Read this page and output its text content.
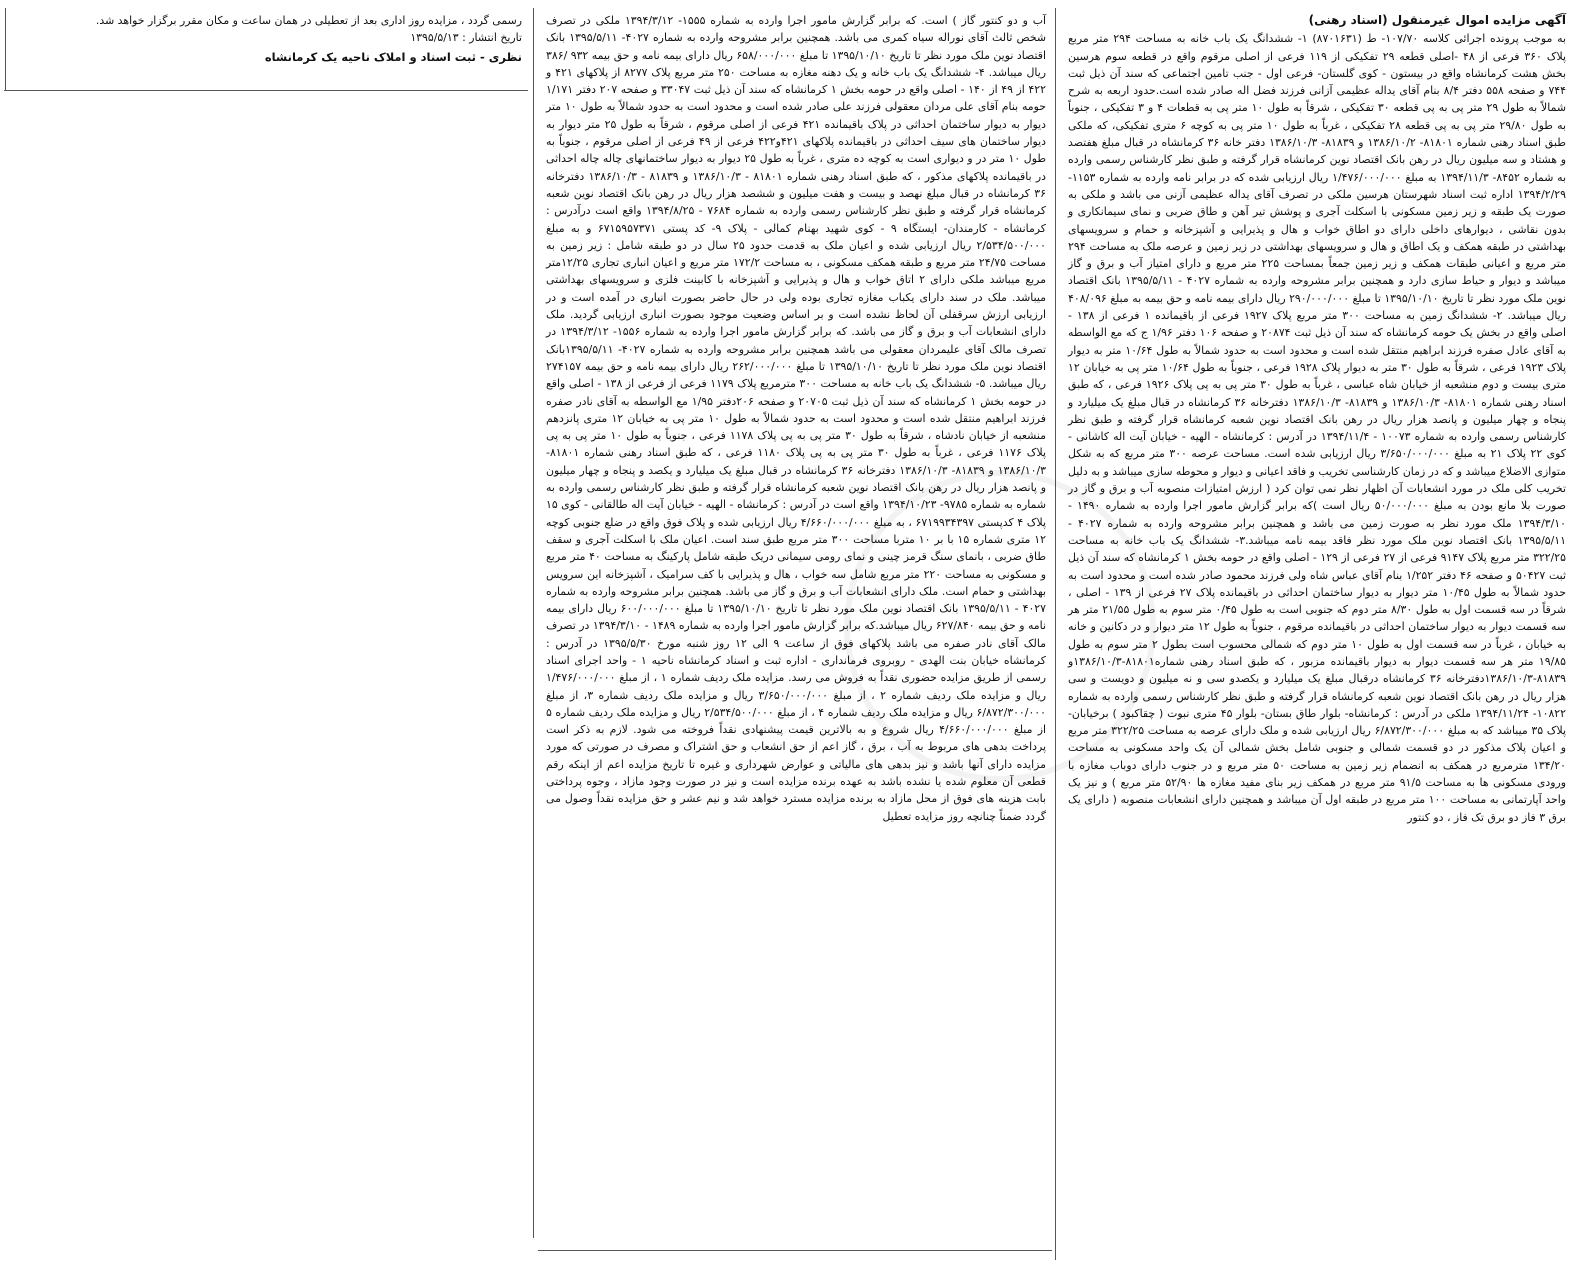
آگهی مزایده اموال غیرمنقول (اسناد رهنی)

به موجب پرونده اجرائی کلاسه ۱۰۷/۷۰- ط (۸۷۰۱۶۳۱) ۱- ششدانگ یک باب خانه به مساحت ۲۹۴ متر مربع پلاک ۳۶۰ فرعی از ۴۸ -اصلی قطعه ۲۹ تفکیکی از ۱۱۹ فرعی از اصلی مرقوم واقع در قطعه سوم هرسین بخش هشت کرمانشاه واقع در بیستون - کوی گلستان- فرعی اول - جنب تامین اجتماعی که سند آن ذیل ثبت ۷۴۴ و صفحه ۵۵۸ دفتر ۸/۴ بنام آقای یداله عظیمی آزانی فرزند فضل اله صادر شده است.حدود اربعه به شرح شمالاً به طول ۲۹ متر پی به پی قطعه ۳۰ تفکیکی ، شرقاً به طول ۱۰ متر پی به قطعات ۴ و ۳ تفکیکی ، جنوباً به طول ۲۹/۸۰ متر پی به پی قطعه ۲۸ تفکیکی ، غرباً به طول ۱۰ متر پی به کوچه ۶ متری تفکیکی، که ملکی طبق اسناد رهنی شماره ۸۱۸۰۱- ۱۳۸۶/۱۰/۲ و ۸۱۸۳۹- ۱۳۸۶/۱۰/۳ دفتر خانه ۳۶ کرمانشاه در قبال مبلغ هفتصد و هشتاد و سه میلیون ریال در رهن بانک اقتصاد نوین کرمانشاه قرار گرفته و طبق نظر کارشناس رسمی وارده به شماره ۸۴۵۲- ۱۳۹۴/۱۱/۳ به مبلغ ۱/۴۷۶/۰۰۰/۰۰۰ ریال ارزیابی شده که در برابر نامه وارده به شماره ۱۱۵۳- ۱۳۹۴/۲/۲۹ اداره ثبت اسناد شهرستان هرسین ملکی در تصرف آقای یداله عظیمی آزنی می باشد و ملکی به صورت یک طبقه و زیر زمین مسکونی با اسکلت آجری و پوشش تیر آهن و طاق ضربی و نمای سیمانکاری و بدون نقاشی ، دیوارهای داخلی دارای دو اطاق خواب و هال و پذیرایی و آشپزخانه و حمام و سرویسهای بهداشتی در طبقه همکف و یک اطاق و هال و سرویسهای بهداشتی در زیر زمین و عرصه ملک به مساحت ۲۹۴ متر مربع و اعیانی طبقات همکف و زیر زمین جمعاً بمساحت ۲۲۵ متر مربع و دارای امتیاز آب و برق و گاز میباشد و دیوار و حیاط سازی دارد و همچنین برابر مشروحه وارده به شماره ۴۰۲۷ - ۱۳۹۵/۵/۱۱ بانک اقتصاد نوین ملک مورد نظر تا تاریخ ۱۳۹۵/۱۰/۱۰ تا مبلغ ۲۹۰/۰۰۰/۰۰۰ ریال دارای بیمه نامه و حق بیمه به مبلغ ۴۰۸/۰۹۶ ریال میباشد. ۲- ششدانگ زمین به مساحت ۳۰۰ متر مربع پلاک ۱۹۲۷ فرعی از باقیمانده ۱ فرعی از ۱۳۸ - اصلی واقع در بخش یک حومه کرمانشاه که سند آن ذیل ثبت ۲۰۸۷۴ و صفحه ۱۰۶ دفتر ۱/۹۶ ج که مع الواسطه به آقای عادل صفره فرزند ابراهیم منتقل شده است و محدود است به حدود شمالاً به طول ۱۰/۶۴ متر به دیوار پلاک ۱۹۲۳ فرعی ، شرقاً به طول ۳۰ متر به دیوار پلاک ۱۹۲۸ فرعی ، جنوباً به طول ۱۰/۶۴ متر پی به خیابان ۱۲ متری بیست و دوم منشعبه از خیابان شاه عباسی ، غرباً به طول ۳۰ متر پی به پی پلاک ۱۹۲۶ فرعی ، که طبق اسناد رهنی شماره ۸۱۸۰۱- ۱۳۸۶/۱۰/۳ و ۸۱۸۳۹- ۱۳۸۶/۱۰/۳ دفترخانه ۳۶ کرمانشاه در قبال مبلغ یک میلیارد و پنجاه و چهار میلیون و پانصد هزار ریال در رهن بانک اقتصاد نوین شعبه کرمانشاه قرار گرفته و طبق نظر کارشناس رسمی وارده به شماره ۱۰۰۷۳ - ۱۳۹۴/۱۱/۴ در آدرس : کرمانشاه - الهیه - خیابان آیت اله کاشانی - کوی ۲۲ پلاک ۲۱ به مبلغ ۳/۶۵۰/۰۰۰/۰۰۰ ریال ارزیابی شده است. مساحت عرصه ۳۰۰ متر مربع که به شکل متوازی الاضلاع میباشد و که در زمان کارشناسی تخریب و فاقد اعیانی و دیوار و محوطه سازی میباشد و به دلیل تخریب کلی ملک در مورد انشعابات آن اظهار نظر نمی توان کرد ( ارزش امتیازات منصوبه آب و برق و گاز در صورت بلا مانع بودن به مبلغ ۵۰/۰۰۰/۰۰۰ ریال است )که برابر گزارش مامور اجرا وارده به شماره ۱۴۹۰ - ۱۳۹۴/۳/۱۰ ملک مورد نظر به صورت زمین می باشد و همچنین برابر مشروحه وارده به شماره ۴۰۲۷ - ۱۳۹۵/۵/۱۱ بانک اقتصاد نوین ملک مورد نظر فاقد بیمه نامه میباشد.۳- ششدانگ یک باب خانه به مساحت ۳۲۲/۲۵ متر مربع پلاک ۹۱۴۷ فرعی از ۲۷ فرعی از ۱۲۹ - اصلی واقع در حومه بخش ۱ کرمانشاه که سند آن ذیل ثبت ۵۰۴۲۷ و صفحه ۴۶ دفتر ۱/۲۵۲ بنام آقای عباس شاه ولی فرزند محمود صادر شده است و محدود است به حدود شمالاً به طول ۱۰/۴۵ متر دیوار به دیوار ساختمان احداثی در باقیمانده پلاک ۲۷ فرعی از ۱۳۹ - اصلی ، شرقاً در سه قسمت اول به طول ۸/۳۰ متر دوم که جنوبی است به طول ۰/۴۵ متر سوم به طول ۲۱/۵۵ متر هر سه قسمت دیوار به دیوار ساختمان احداثی در باقیمانده مرقوم ، جنوباً به طول ۱۲ متر دیوار و در دکانین و خانه به خیابان ، غرباً در سه قسمت اول به طول ۱۰ متر دوم که شمالی محسوب است بطول ۲ متر سوم به طول ۱۹/۸۵ متر هر سه قسمت دیوار به دیوار باقیمانده مزبور ، که طبق اسناد رهنی شماره۸۱۸۰۱-۱۳۸۶/۱۰/۳و ۸۱۸۳۹-۱۳۸۶/۱۰/۳دفترخانه ۳۶ کرمانشاه درقبال مبلغ یک میلیارد و یکصدو سی و نه میلیون و دویست و سی هزار ریال در رهن بانک اقتصاد نوین شعبه کرمانشاه قرار گرفته و طبق نظر کارشناس رسمی وارده به شماره ۱۰۸۲۲- ۱۳۹۴/۱۱/۲۴ ملکی در آدرس : کرمانشاه- بلوار طاق بستان- بلوار ۴۵ متری نبوت ( چقاکبود ) برخیابان-پلاک ۳۵ میباشد که به مبلغ ۶/۸۷۲/۳۰۰/۰۰۰ ریال ارزیابی شده و ملک دارای عرصه به مساحت ۳۲۲/۲۵ متر مربع و اعیان پلاک مذکور در دو قسمت شمالی و جنوبی شامل بخش شمالی آن یک واحد مسکونی به مساحت ۱۳۴/۲۰ مترمربع در همکف به انضمام زیر زمین به مساحت ۵۰ متر مربع و در جنوب دارای دوباب مغازه با ورودی مسکونی ها به مساحت ۹۱/۵ متر مربع در همکف زیر بنای مفید مغازه ها ۵۲/۹۰ متر مربع ) و نیز یک واحد آپارتمانی به مساحت ۱۰۰ متر مربع در طبقه اول آن میباشد و همچنین دارای انشعابات منصوبه ( دارای یک برق ۳ فاز دو برق تک فاز ، دو کنتور

آب و دو کنتور گاز ) است. که برابر گزارش مامور اجرا وارده به شماره ۱۵۵۵- ۱۳۹۴/۳/۱۲ ملکی در تصرف شخص ثالث آقای نوراله سیاه کمری می باشد. همچنین برابر مشروحه وارده به شماره ۴۰۲۷- ۱۳۹۵/۵/۱۱ بانک اقتصاد نوین ملک مورد نظر تا تاریخ ۱۳۹۵/۱۰/۱۰ تا مبلغ ۶۵۸/۰۰۰/۰۰۰ ریال دارای بیمه نامه و حق بیمه ۹۳۲ /۳۸۶ ریال میباشد. ۴- ششدانگ یک باب خانه و یک دهنه مغازه به مساحت ۲۵۰ متر مربع پلاک ۸۲۷۷ از پلاکهای ۴۲۱ و ۴۲۲ از ۴۹ از ۱۴۰ - اصلی واقع در حومه بخش ۱ کرمانشاه که سند آن ذیل ثبت ۳۳۰۴۷ و صفحه ۲۰۷ دفتر ۱/۱۷۱ حومه بنام آقای علی مردان معقولی فرزند علی صادر شده است و محدود است به حدود شمالاً به طول ۱۰ متر دیوار به دیوار ساختمان احداثی در پلاک باقیمانده ۴۲۱ فرعی از اصلی مرقوم ، شرقاً به طول ۲۵ متر دیوار به دیوار ساختمان های سیف احداثی در باقیمانده پلاکهای ۴۲۱و۴۲۲ فرعی از ۴۹ فرعی از اصلی مرقوم ، جنوباً به طول ۱۰ متر در و دیواری است به کوچه ده متری ، غرباً به طول ۲۵ دیوار به دیوار ساختمانهای چاله چاله احداثی در باقیمانده پلاکهای مذکور ، که طبق اسناد رهنی شماره ۸۱۸۰۱ - ۱۳۸۶/۱۰/۳ و ۸۱۸۳۹ - ۱۳۸۶/۱۰/۳ دفترخانه ۳۶ کرمانشاه در قبال مبلغ نهصد و بیست و هفت میلیون و ششصد هزار ریال در رهن بانک اقتصاد نوین شعبه کرمانشاه قرار گرفته و طبق نظر کارشناس رسمی وارده به شماره ۷۶۸۴ - ۱۳۹۴/۸/۲۵ واقع است درآدرس : کرمانشاه - کارمندان- ایستگاه ۹ - کوی شهید بهنام کمالی - پلاک ۹- کد پستی ۶۷۱۵۹۵۷۳۷۱ و به مبلغ ۲/۵۳۴/۵۰۰/۰۰۰ ریال ارزیابی شده و اعیان ملک به قدمت حدود ۲۵ سال در دو طبقه شامل : زیر زمین به مساحت ۲۴/۷۵ متر مربع و طبقه همکف مسکونی ، به مساحت ۱۷۲/۲ متر مربع و اعیان انباری تجاری ۱۲/۲۵متر مربع میباشد ملکی دارای ۲ اتاق خواب و هال و پذیرایی و آشپزخانه با کابینت فلزی و سرویسهای بهداشتی میباشد. ملک در سند دارای یکباب مغازه تجاری بوده ولی در حال حاضر بصورت انباری در آمده است و در ارزیابی ارزش سرقفلی آن لحاظ نشده است و بر اساس وضعیت موجود بصورت انباری ارزیابی گردید. ملک دارای انشعابات آب و برق و گاز می باشد. که برابر گزارش مامور اجرا وارده به شماره ۱۵۵۶- ۱۳۹۴/۳/۱۲ در تصرف مالک آقای علیمردان معقولی می باشد همچنین برابر مشروحه وارده به شماره ۴۰۲۷- ۱۳۹۵/۵/۱۱بانک اقتصاد نوین ملک مورد نظر تا تاریخ ۱۳۹۵/۱۰/۱۰ تا مبلغ ۲۶۲/۰۰۰/۰۰۰ ریال دارای بیمه نامه و حق بیمه ۲۷۴۱۵۷ ریال میباشد. ۵- ششدانگ یک باب خانه به مساحت ۳۰۰ مترمربع پلاک ۱۱۷۹ فرعی از فرعی از ۱۳۸ - اصلی واقع در حومه بخش ۱ کرمانشاه که سند آن ذیل ثبت ۲۰۷۰۵ و صفحه ۲۰۶دفتر ۱/۹۵ مع الواسطه به آقای نادر صفره فرزند ابراهیم منتقل شده است و محدود است به حدود شمالاً به طول ۱۰ متر پی به خیابان ۱۲ متری پانزدهم منشعبه از خیابان نادشاه ، شرقاً به طول ۳۰ متر پی به پی پلاک ۱۱۷۸ فرعی ، جنوباً به طول ۱۰ متر پی به پی پلاک ۱۱۷۶ فرعی ، غرباً به طول ۳۰ متر پی به پی پلاک ۱۱۸۰ فرعی ، که طبق اسناد رهنی شماره ۸۱۸۰۱- ۱۳۸۶/۱۰/۳ و ۸۱۸۳۹- ۱۳۸۶/۱۰/۳ دفترخانه ۳۶ کرمانشاه در قبال مبلغ یک میلیارد و یکصد و پنجاه و چهار میلیون و پانصد هزار ریال در رهن بانک اقتصاد نوین شعبه کرمانشاه قرار گرفته و طبق نظر کارشناس رسمی وارده به شماره به شماره ۹۷۸۵- ۱۳۹۴/۱۰/۲۳ واقع است در آدرس : کرمانشاه - الهیه - خیابان آیت اله طالقانی - کوی ۱۵ پلاک ۴ کدپستی ۶۷۱۹۹۳۴۳۹۷ ، به مبلغ ۴/۶۶۰/۰۰۰/۰۰۰ ریال ارزیابی شده و پلاک فوق واقع در ضلع جنوبی کوچه ۱۲ متری شماره ۱۵ با بر ۱۰ متربا مساحت ۳۰۰ متر مربع طبق سند است. اعیان ملک با اسکلت آجری و سقف طاق ضربی ، بانمای سنگ قرمز چینی و نمای رومی سیمانی دریک طبقه شامل پارکینگ به مساحت ۴۰ متر مربع و مسکونی به مساحت ۲۲۰ متر مربع شامل سه خواب ، هال و پذیرایی با کف سرامیک ، آشپزخانه این سرویس بهداشتی و حمام است. ملک دارای انشعابات آب و برق و گاز می باشد. همچنین برابر مشروحه وارده به شماره ۴۰۲۷ - ۱۳۹۵/۵/۱۱ بانک اقتصاد نوین ملک مورد نظر تا تاریخ ۱۳۹۵/۱۰/۱۰ تا مبلغ ۶۰۰/۰۰۰/۰۰۰ ریال دارای بیمه نامه و حق بیمه ۶۲۷/۸۴۰ ریال میباشد.که برابر گزارش مامور اجرا وارده به شماره ۱۴۸۹ - ۱۳۹۴/۳/۱۰ در تصرف مالک آقای نادر صفره می باشد پلاکهای فوق از ساعت ۹ الی ۱۲ روز شنبه مورخ ۱۳۹۵/۵/۳۰ در آدرس : کرمانشاه خیابان بنت الهدی - روبروی فرمانداری - اداره ثبت و اسناد کرمانشاه ناحیه ۱ - واحد اجرای اسناد رسمی از طریق مزایده حضوری نقداً به فروش می رسد. مزایده ملک ردیف شماره ۱ ، از مبلغ ۱/۴۷۶/۰۰۰/۰۰۰ ریال و مزایده ملک ردیف شماره ۲ ، از مبلغ ۳/۶۵۰/۰۰۰/۰۰۰ ریال و مزایده ملک ردیف شماره ۳، از مبلغ ۶/۸۷۲/۳۰۰/۰۰۰ ریال و مزایده ملک ردیف شماره ۴ ، از مبلغ ۲/۵۳۴/۵۰۰/۰۰۰ ریال و مزایده ملک ردیف شماره ۵ از مبلغ ۴/۶۶۰/۰۰۰/۰۰۰ ریال شروع و به بالاترین قیمت پیشنهادی نقداً فروخته می شود. لازم به ذکر است پرداخت بدهی های مربوط به آب ، برق ، گاز اعم از حق انشعاب و حق اشتراک و مصرف در صورتی که مورد مزایده دارای آنها باشد و نیز بدهی های مالیاتی و عوارض شهرداری و غیره تا تاریخ مزایده اعم از اینکه رقم قطعی آن معلوم شده یا نشده باشد به عهده برنده مزایده است و نیز در صورت وجود مازاد ، وجوه پرداختی بابت هزینه های فوق از محل مازاد به برنده مزایده مسترد خواهد شد و نیم عشر و حق مزایده نقداً وصول می گردد ضمناً چنانچه روز مزایده تعطیل

رسمی گردد ، مزایده روز اداری بعد از تعطیلی در همان ساعت و مکان مقرر برگزار خواهد شد.

تاریخ انتشار : ۱۳۹۵/۵/۱۳

نظری - ثبت اسناد و املاک ناحیه یک کرمانشاه
